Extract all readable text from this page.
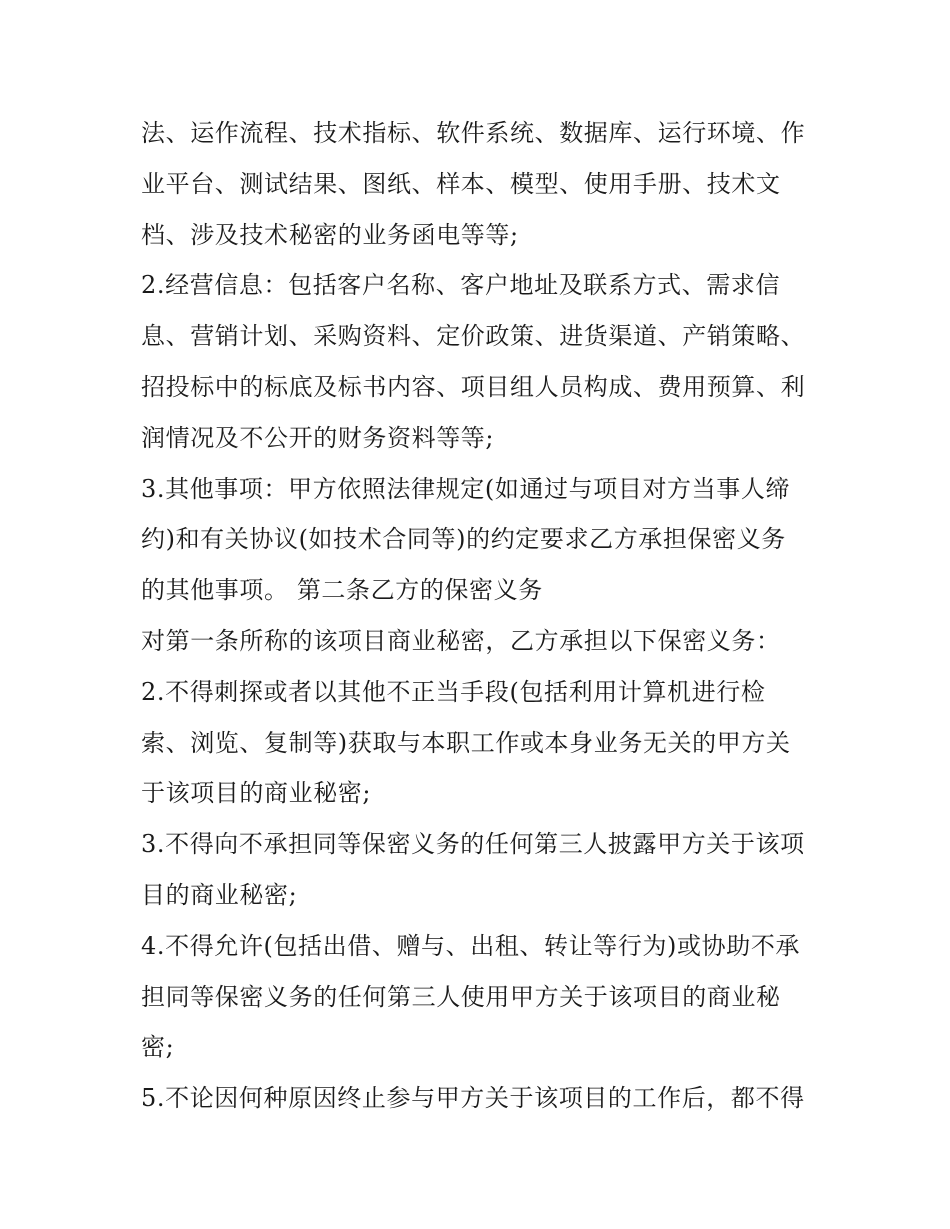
法、运作流程、技术指标、软件系统、数据库、运行环境、作
业平台、测试结果、图纸、样本、模型、使用手册、技术文
档、涉及技术秘密的业务函电等等;
2.经营信息：包括客户名称、客户地址及联系方式、需求信
息、营销计划、采购资料、定价政策、进货渠道、产销策略、
招投标中的标底及标书内容、项目组人员构成、费用预算、利
润情况及不公开的财务资料等等;
3.其他事项：甲方依照法律规定(如通过与项目对方当事人缔
约)和有关协议(如技术合同等)的约定要求乙方承担保密义务
的其他事项。 第二条乙方的保密义务
对第一条所称的该项目商业秘密，乙方承担以下保密义务：
2.不得刺探或者以其他不正当手段(包括利用计算机进行检
索、浏览、复制等)获取与本职工作或本身业务无关的甲方关
于该项目的商业秘密;
3.不得向不承担同等保密义务的任何第三人披露甲方关于该项
目的商业秘密;
4.不得允许(包括出借、赠与、出租、转让等行为)或协助不承
担同等保密义务的任何第三人使用甲方关于该项目的商业秘
密;
5.不论因何种原因终止参与甲方关于该项目的工作后，都不得
